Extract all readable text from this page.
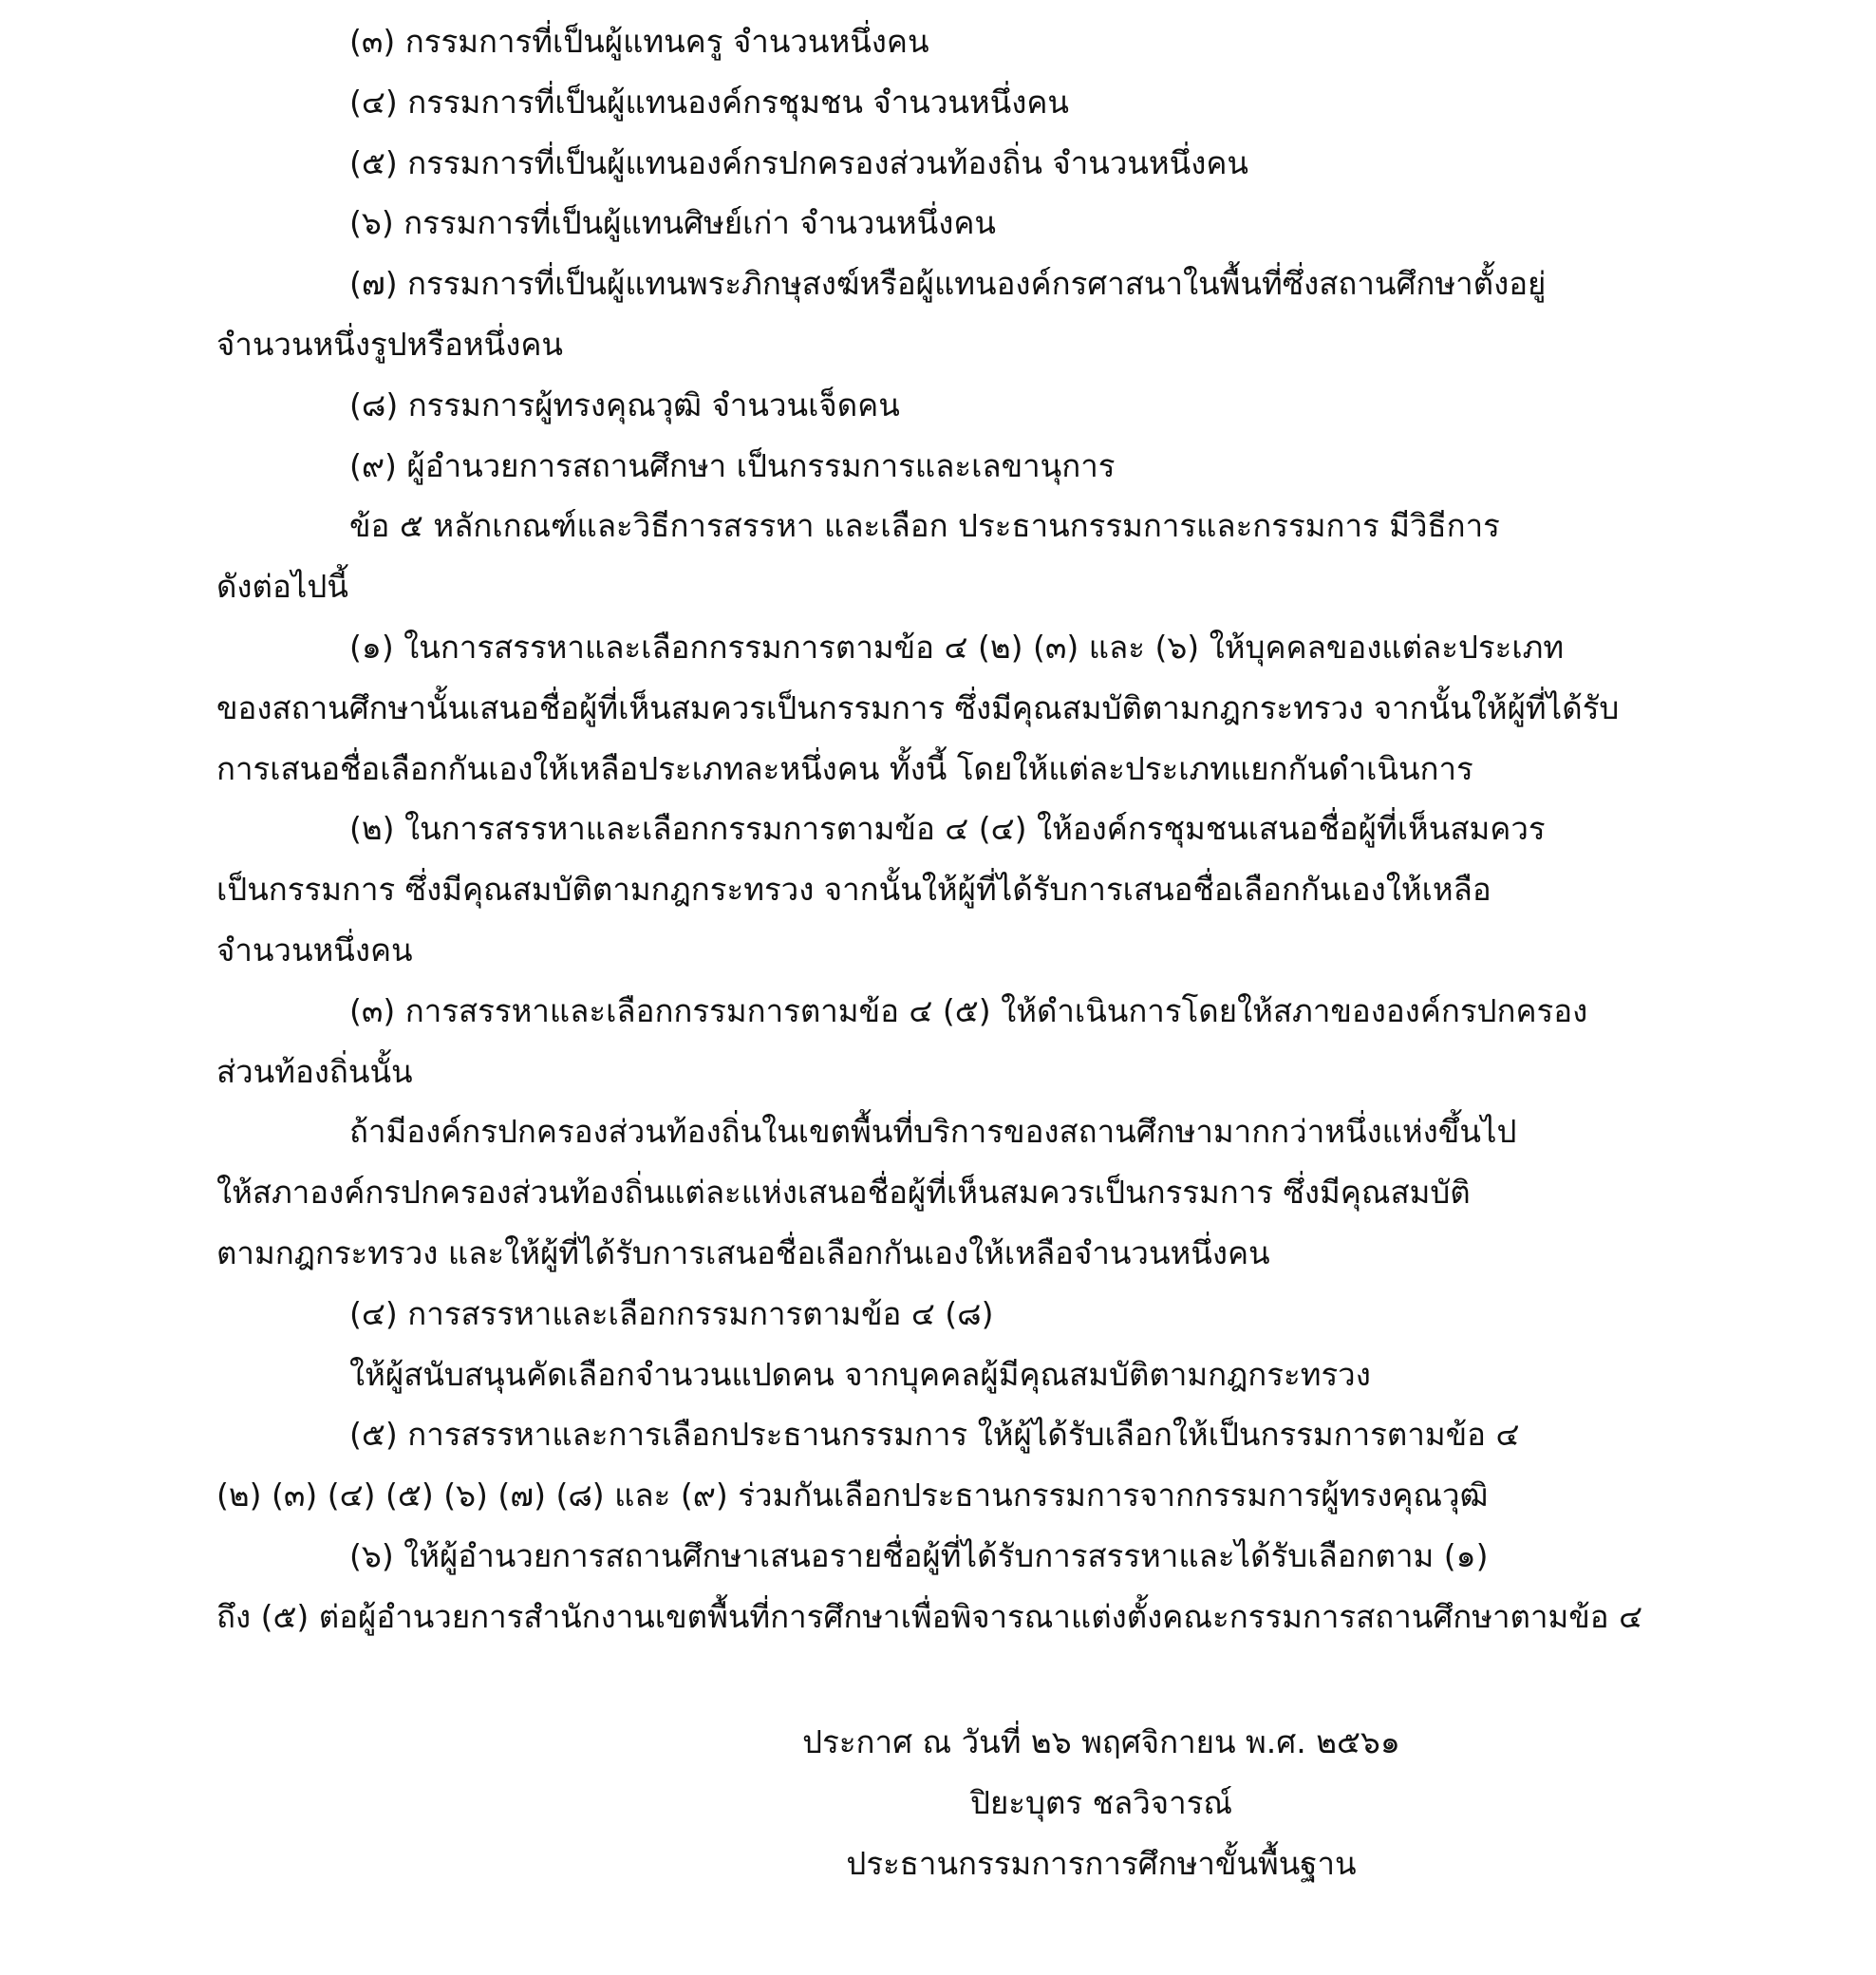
(๓) กรรมการที่เป็นผู้แทนครู จำนวนหนึ่งคน
(๔) กรรมการที่เป็นผู้แทนองค์กรชุมชน จำนวนหนึ่งคน
(๕) กรรมการที่เป็นผู้แทนองค์กรปกครองส่วนท้องถิ่น จำนวนหนึ่งคน
(๖) กรรมการที่เป็นผู้แทนศิษย์เก่า จำนวนหนึ่งคน
(๗) กรรมการที่เป็นผู้แทนพระภิกษุสงฆ์หรือผู้แทนองค์กรศาสนาในพื้นที่ซึ่งสถานศึกษาตั้งอยู่
จำนวนหนึ่งรูปหรือหนึ่งคน
(๘) กรรมการผู้ทรงคุณวุฒิ จำนวนเจ็ดคน
(๙) ผู้อำนวยการสถานศึกษา เป็นกรรมการและเลขานุการ
ข้อ ๕ หลักเกณฑ์และวิธีการสรรหา และเลือก ประธานกรรมการและกรรมการ มีวิธีการ
ดังต่อไปนี้
(๑) ในการสรรหาและเลือกกรรมการตามข้อ ๔ (๒) (๓) และ (๖) ให้บุคคลของแต่ละประเภท
ของสถานศึกษานั้นเสนอชื่อผู้ที่เห็นสมควรเป็นกรรมการ ซึ่งมีคุณสมบัติตามกฎกระทรวง จากนั้นให้ผู้ที่ได้รับ
การเสนอชื่อเลือกกันเองให้เหลือประเภทละหนึ่งคน ทั้งนี้ โดยให้แต่ละประเภทแยกกันดำเนินการ
(๒) ในการสรรหาและเลือกกรรมการตามข้อ ๔ (๔) ให้องค์กรชุมชนเสนอชื่อผู้ที่เห็นสมควร
เป็นกรรมการ ซึ่งมีคุณสมบัติตามกฎกระทรวง จากนั้นให้ผู้ที่ได้รับการเสนอชื่อเลือกกันเองให้เหลือ
จำนวนหนึ่งคน
(๓) การสรรหาและเลือกกรรมการตามข้อ ๔ (๕) ให้ดำเนินการโดยให้สภาขององค์กรปกครอง
ส่วนท้องถิ่นนั้น
ถ้ามีองค์กรปกครองส่วนท้องถิ่นในเขตพื้นที่บริการของสถานศึกษามากกว่าหนึ่งแห่งขึ้นไป
ให้สภาองค์กรปกครองส่วนท้องถิ่นแต่ละแห่งเสนอชื่อผู้ที่เห็นสมควรเป็นกรรมการ ซึ่งมีคุณสมบัติ
ตามกฎกระทรวง และให้ผู้ที่ได้รับการเสนอชื่อเลือกกันเองให้เหลือจำนวนหนึ่งคน
(๔) การสรรหาและเลือกกรรมการตามข้อ ๔ (๘)
ให้ผู้สนับสนุนคัดเลือกจำนวนแปดคน จากบุคคลผู้มีคุณสมบัติตามกฎกระทรวง
(๕) การสรรหาและการเลือกประธานกรรมการ ให้ผู้ได้รับเลือกให้เป็นกรรมการตามข้อ ๔
(๒) (๓) (๔) (๕) (๖) (๗) (๘) และ (๙) ร่วมกันเลือกประธานกรรมการจากกรรมการผู้ทรงคุณวุฒิ
(๖) ให้ผู้อำนวยการสถานศึกษาเสนอรายชื่อผู้ที่ได้รับการสรรหาและได้รับเลือกตาม (๑)
ถึง (๕) ต่อผู้อำนวยการสำนักงานเขตพื้นที่การศึกษาเพื่อพิจารณาแต่งตั้งคณะกรรมการสถานศึกษาตามข้อ ๔
ประกาศ ณ วันที่ ๒๖ พฤศจิกายน พ.ศ. ๒๕๖๑
ปิยะบุตร ชลวิจารณ์
ประธานกรรมการการศึกษาขั้นพื้นฐาน
